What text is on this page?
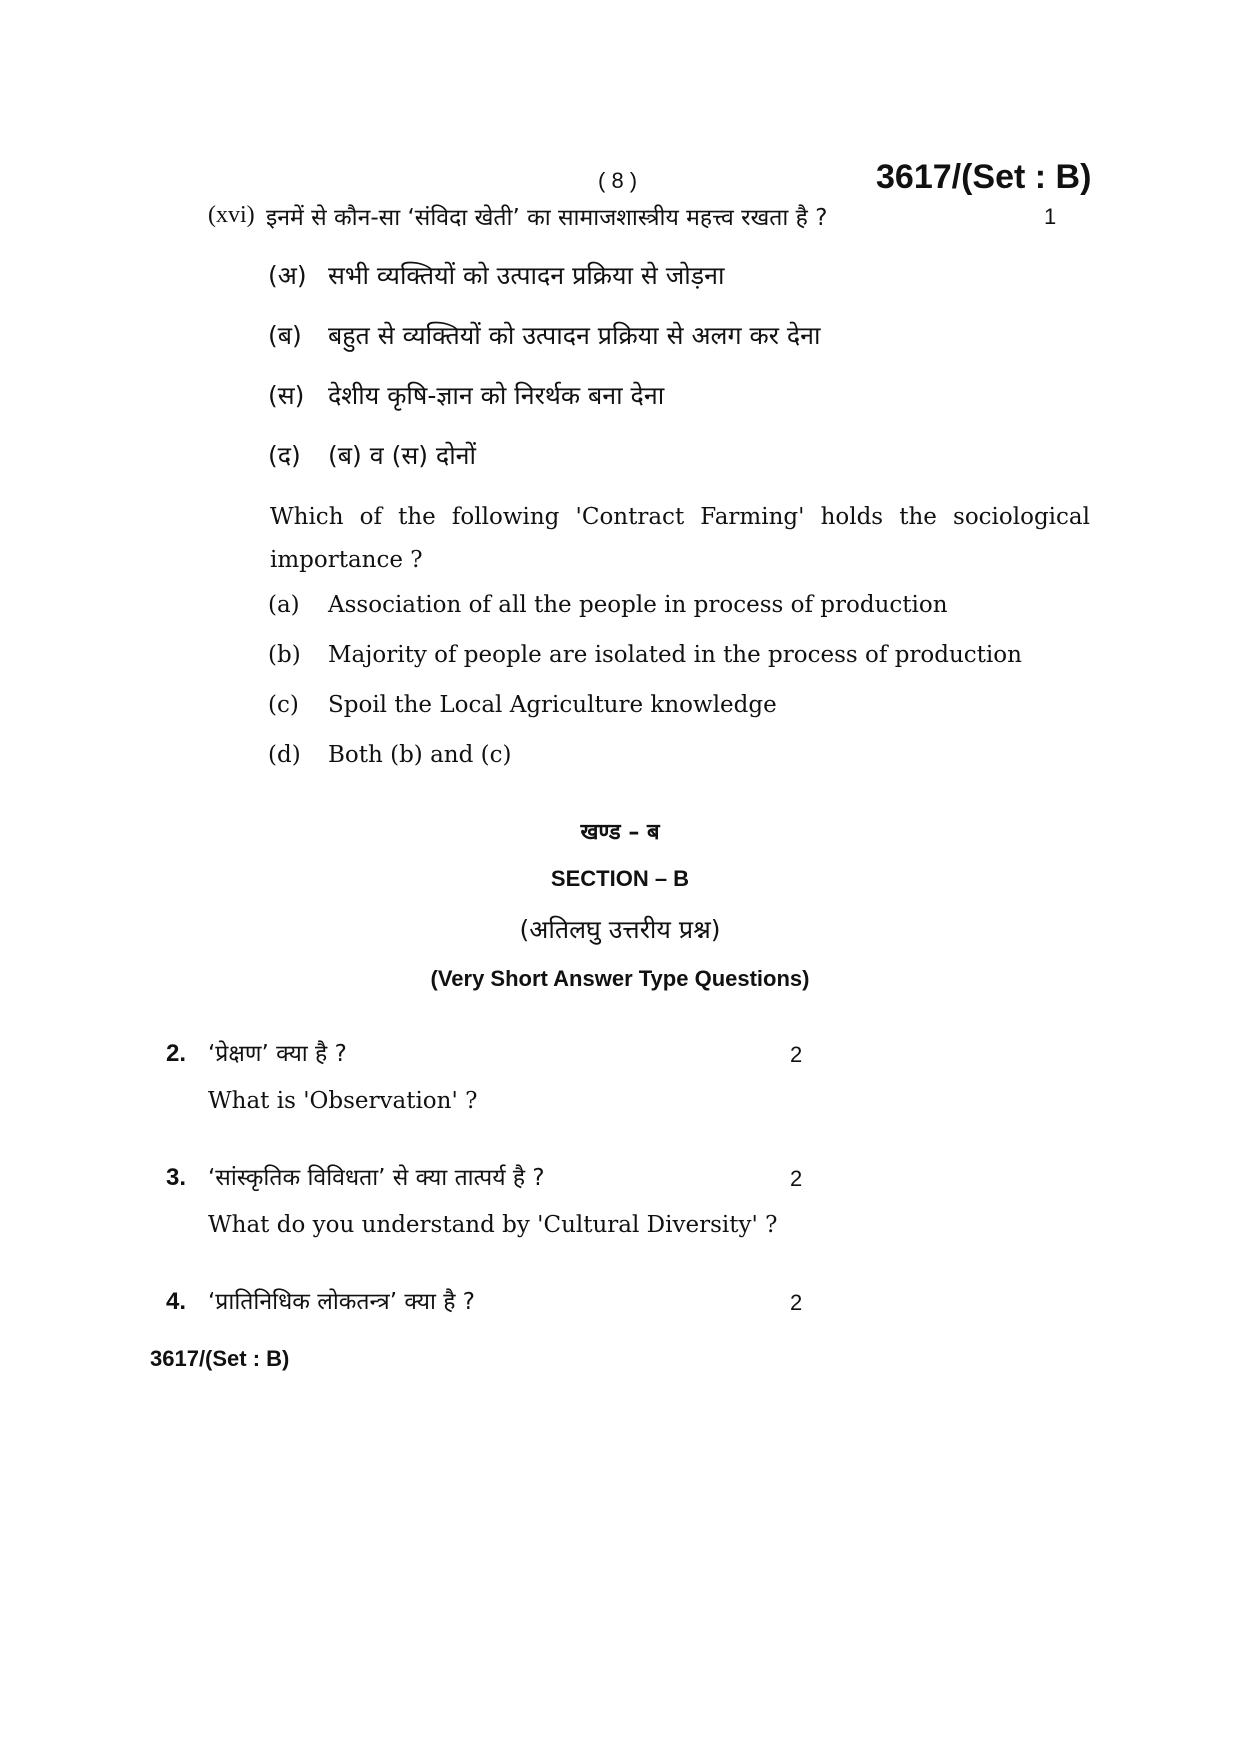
( 8 )	3617/(Set : B)
(xvi) इनमें से कौन-सा ‘संविदा खेती’ का सामाजशास्त्रीय महत्त्व रखता है ?	1
(अ) सभी व्यक्तियों को उत्पादन प्रक्रिया से जोड़ना
(ब) बहुत से व्यक्तियों को उत्पादन प्रक्रिया से अलग कर देना
(स) देशीय कृषि-ज्ञान को निरर्थक बना देना
(द) (ब) व (स) दोनों
Which of the following 'Contract Farming' holds the sociological importance ?
(a) Association of all the people in process of production
(b) Majority of people are isolated in the process of production
(c) Spoil the Local Agriculture knowledge
(d) Both (b) and (c)
खण्ड – ब
SECTION – B
(अतिलघु उत्तरीय प्रश्न)
(Very Short Answer Type Questions)
2. ‘प्रेक्षण’ क्या है ?	2
What is 'Observation' ?
3. ‘सांस्कृतिक विविधता’ से क्या तात्पर्य है ?	2
What do you understand by 'Cultural Diversity' ?
4. ‘प्रातिनिधिक लोकतन्त्र’ क्या है ?	2
3617/(Set : B)
